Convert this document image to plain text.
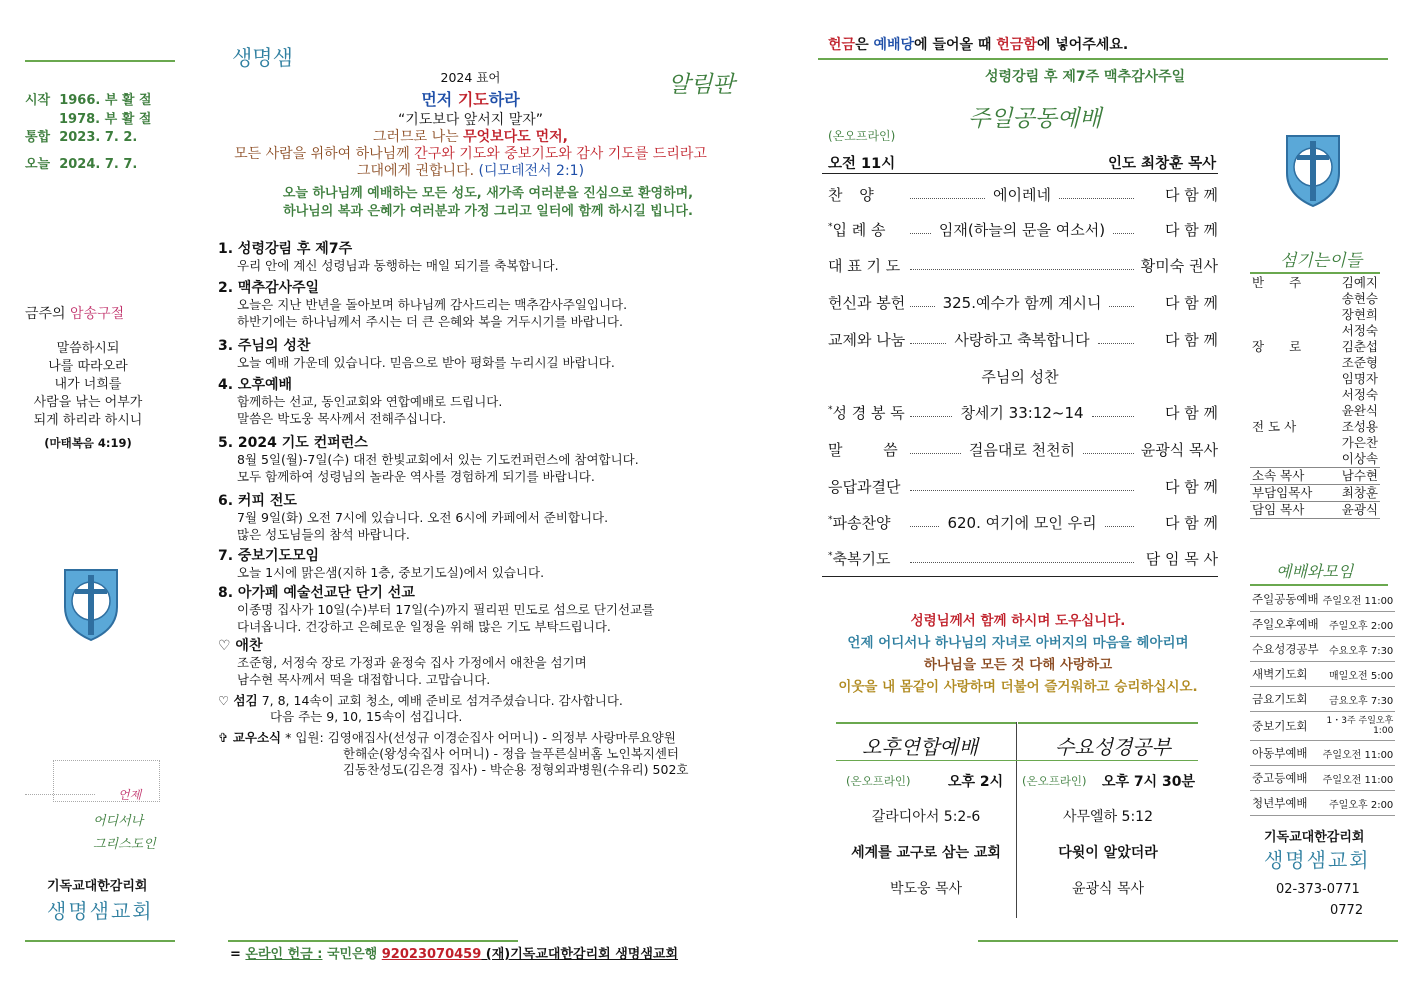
시작 1966. 부 활 절
1978. 부 활 절
통합 2023. 7. 2.
오늘 2024. 7. 7.
금주의 암송구절
말씀하시되
나를 따라오라
내가 너희를
사람을 낚는 어부가
되게 하리라 하시니
(마태복음 4:19)
언제
어디서나
그리스도인
기독교대한감리회
생명샘교회
생명샘
2024 표어
먼저 기도하라
알림판
“기도보다 앞서지 말자”
그러므로 나는 무엇보다도 먼저,
모든 사람을 위하여 하나님께 간구와 기도와 중보기도와 감사 기도를 드리라고
그대에게 권합니다. (디모데전서 2:1)
오늘 하나님께 예배하는 모든 성도, 새가족 여러분을 진심으로 환영하며,
하나님의 복과 은혜가 여러분과 가정 그리고 일터에 함께 하시길 빕니다.
1. 성령강림 후 제7주
우리 안에 계신 성령님과 동행하는 매일 되기를 축복합니다.
2. 맥추감사주일
오늘은 지난 반년을 돌아보며 하나님께 감사드리는 맥추감사주일입니다.
하반기에는 하나님께서 주시는 더 큰 은혜와 복을 거두시기를 바랍니다.
3. 주님의 성찬
오늘 예배 가운데 있습니다. 믿음으로 받아 평화를 누리시길 바랍니다.
4. 오후예배
함께하는 선교, 동인교회와 연합예배로 드립니다.
말씀은 박도웅 목사께서 전해주십니다.
5. 2024 기도 컨퍼런스
8월 5일(월)-7일(수) 대전 한빛교회에서 있는 기도컨퍼런스에 참여합니다.
모두 함께하여 성령님의 놀라운 역사를 경험하게 되기를 바랍니다.
6. 커피 전도
7월 9일(화) 오전 7시에 있습니다. 오전 6시에 카페에서 준비합니다.
많은 성도님들의 참석 바랍니다.
7. 중보기도모임
오늘 1시에 맑은샘(지하 1층, 중보기도실)에서 있습니다.
8. 아가페 예술선교단 단기 선교
이종명 집사가 10일(수)부터 17일(수)까지 필리핀 민도로 섬으로 단기선교를
다녀옵니다. 건강하고 은혜로운 일정을 위해 많은 기도 부탁드립니다.
♡ 애찬
조준형, 서정숙 장로 가정과 윤정숙 집사 가정에서 애찬을 섬기며
남수현 목사께서 떡을 대접합니다. 고맙습니다.
♡ 섬김 7, 8, 14속이 교회 청소, 예배 준비로 섬겨주셨습니다. 감사합니다.
다음 주는 9, 10, 15속이 섬깁니다.
✞ 교우소식 * 입원: 김영애집사(선성규 이경순집사 어머니) - 의정부 사랑마루요양원
한해순(왕성숙집사 어머니) - 정읍 늘푸른실버홈 노인복지센터
김동찬성도(김은경 집사) - 박순용 정형외과병원(수유리) 502호
= 온라인 헌금 : 국민은행 92023070459 (재)기독교대한감리회 생명샘교회
헌금은 예배당에 들어올 때 헌금함에 넣어주세요.
성령강림 후 제7주 맥추감사주일
주일공동예배
(온오프라인)
오전 11시	인도 최창훈 목사
찬 양	에이레네	다 함 께
*입 례 송	임재(하늘의 문을 여소서)	다 함 께
대 표 기 도	황미숙 권사
헌신과 봉헌 325.예수가 함께 계시니	다 함 께
교제와 나눔	사랑하고 축복합니다	다 함 께
주님의 성찬
*성 경 봉 독	창세기 33:12~14	다 함 께
말 씀	걸음대로 천천히	윤광식 목사
응답과결단	다 함 께
*파송찬양	620. 여기에 모인 우리	다 함 께
*축복기도	담 임 목 사
성령님께서 함께 하시며 도우십니다.
언제 어디서나 하나님의 자녀로 아버지의 마음을 헤아리며
하나님을 모든 것 다해 사랑하고
이웃을 내 몸같이 사랑하며 더불어 즐거워하고 승리하십시오.
오후연합예배
(온오프라인)	오후 2시
갈라디아서 5:2-6
세계를 교구로 삼는 교회
박도웅 목사
수요성경공부
(온오프라인) 오후 7시 30분
사무엘하 5:12
다윗이 알았더라
윤광식 목사
섬기는이들
반　　주	김예지
	송현승
	장현희
	서정숙
장　　로	김춘섭
	조준형
	임명자
	서정숙
	윤완식
전 도 사	조성용
	가은찬
	이상속
소속 목사	남수현
부담임목사	최창훈
담임 목사	윤광식
예배와모임
주일공동예배	주일오전 11:00
주일오후예배	주일오후 2:00
수요성경공부	수요오후 7:30
새벽기도회	매일오전 5:00
금요기도회	금요오후 7:30
중보기도회	1・3주 주일오후 1:00
아동부예배	주일오전 11:00
중고등예배	주일오전 11:00
청년부예배	주일오후 2:00
기독교대한감리회
생명샘교회
02-373-0771
0772
